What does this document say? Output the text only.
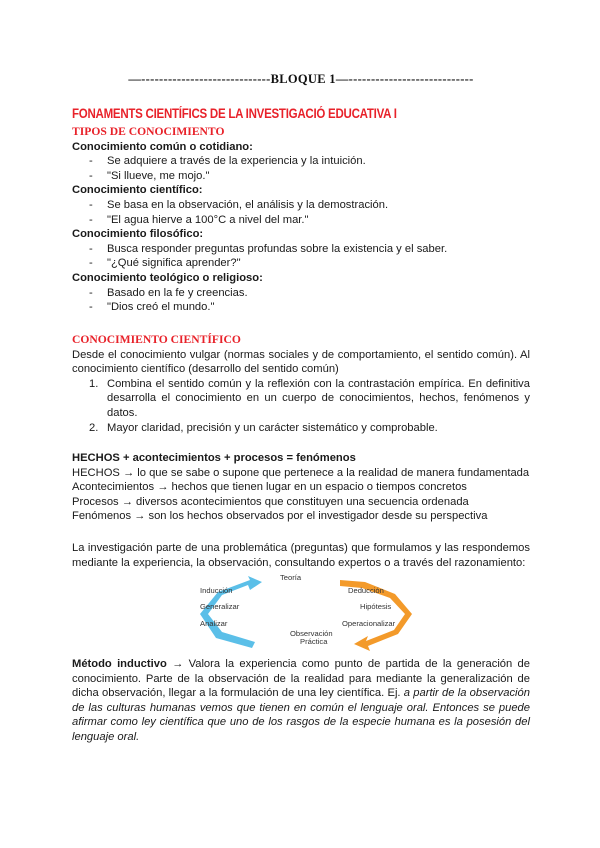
—-----------------------------BLOQUE 1—----------------------------
FONAMENTS CIENTÍFICS DE LA INVESTIGACIÓ EDUCATIVA I
TIPOS DE CONOCIMIENTO
Conocimiento común o cotidiano:
- Se adquiere a través de la experiencia y la intuición.
- "Si llueve, me mojo."
Conocimiento científico:
- Se basa en la observación, el análisis y la demostración.
- "El agua hierve a 100°C a nivel del mar."
Conocimiento filosófico:
- Busca responder preguntas profundas sobre la existencia y el saber.
- "¿Qué significa aprender?"
Conocimiento teológico o religioso:
- Basado en la fe y creencias.
- "Dios creó el mundo."
CONOCIMIENTO CIENTÍFICO
Desde el conocimiento vulgar (normas sociales y de comportamiento, el sentido común). Al conocimiento científico (desarrollo del sentido común)
1. Combina el sentido común y la reflexión con la contrastación empírica. En definitiva desarrolla el conocimiento en un cuerpo de conocimientos, hechos, fenómenos y datos.
2. Mayor claridad, precisión y un carácter sistemático y comprobable.
HECHOS + acontecimientos + procesos = fenómenos
HECHOS → lo que se sabe o supone que pertenece a la realidad de manera fundamentada
Acontecimientos → hechos que tienen lugar en un espacio o tiempos concretos
Procesos → diversos acontecimientos que constituyen una secuencia ordenada
Fenómenos → son los hechos observados por el investigador desde su perspectiva
La investigación parte de una problemática (preguntas) que formulamos y las respondemos mediante la experiencia, la observación, consultando expertos o a través del razonamiento:
Teoría
Inducción
Generalizar
Analizar
Deducción
Hipótesis
Operacionalizar
Observación
Práctica
Método inductivo → Valora la experiencia como punto de partida de la generación de conocimiento. Parte de la observación de la realidad para mediante la generalización de dicha observación, llegar a la formulación de una ley científica. Ej. a partir de la observación de las culturas humanas vemos que tienen en común el lenguaje oral. Entonces se puede afirmar como ley científica que uno de los rasgos de la especie humana es la posesión del lenguaje oral.
